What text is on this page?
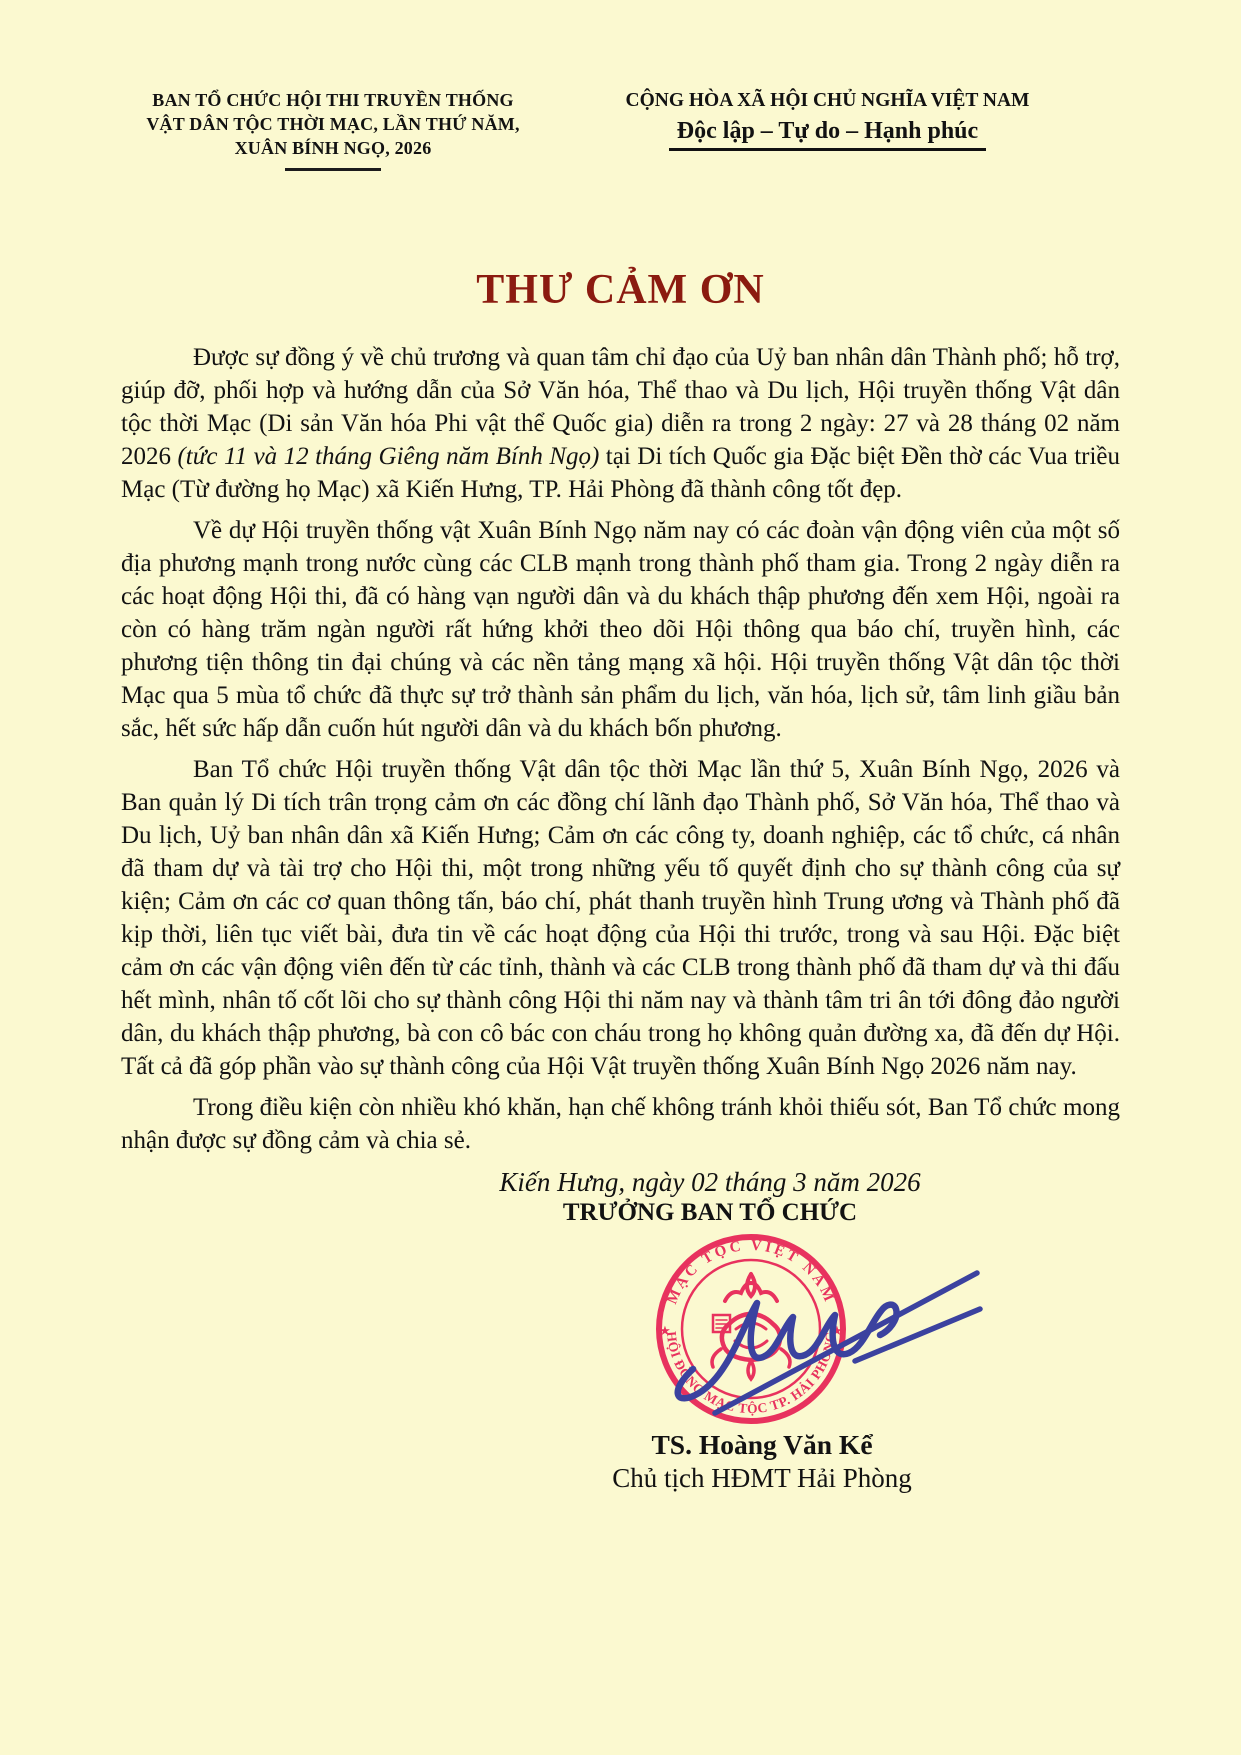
BAN TỔ CHỨC HỘI THI TRUYỀN THỐNG
VẬT DÂN TỘC THỜI MẠC, LẦN THỨ NĂM,
XUÂN BÍNH NGỌ, 2026
CỘNG HÒA XÃ HỘI CHỦ NGHĨA VIỆT NAM
Độc lập – Tự do – Hạnh phúc
THƯ CẢM ƠN

Được sự đồng ý về chủ trương và quan tâm chỉ đạo của Uỷ ban nhân dân Thành phố; hỗ trợ, giúp đỡ, phối hợp và hướng dẫn của Sở Văn hóa, Thể thao và Du lịch, Hội truyền thống Vật dân tộc thời Mạc (Di sản Văn hóa Phi vật thể Quốc gia) diễn ra trong 2 ngày: 27 và 28 tháng 02 năm 2026 (tức 11 và 12 tháng Giêng năm Bính Ngọ) tại Di tích Quốc gia Đặc biệt Đền thờ các Vua triều Mạc (Từ đường họ Mạc) xã Kiến Hưng, TP. Hải Phòng đã thành công tốt đẹp.

Về dự Hội truyền thống vật Xuân Bính Ngọ năm nay có các đoàn vận động viên của một số địa phương mạnh trong nước cùng các CLB mạnh trong thành phố tham gia. Trong 2 ngày diễn ra các hoạt động Hội thi, đã có hàng vạn người dân và du khách thập phương đến xem Hội, ngoài ra còn có hàng trăm ngàn người rất hứng khởi theo dõi Hội thông qua báo chí, truyền hình, các phương tiện thông tin đại chúng và các nền tảng mạng xã hội. Hội truyền thống Vật dân tộc thời Mạc qua 5 mùa tổ chức đã thực sự trở thành sản phẩm du lịch, văn hóa, lịch sử, tâm linh giầu bản sắc, hết sức hấp dẫn cuốn hút người dân và du khách bốn phương.

Ban Tổ chức Hội truyền thống Vật dân tộc thời Mạc lần thứ 5, Xuân Bính Ngọ, 2026 và Ban quản lý Di tích trân trọng cảm ơn các đồng chí lãnh đạo Thành phố, Sở Văn hóa, Thể thao và Du lịch, Uỷ ban nhân dân xã Kiến Hưng; Cảm ơn các công ty, doanh nghiệp, các tổ chức, cá nhân đã tham dự và tài trợ cho Hội thi, một trong những yếu tố quyết định cho sự thành công của sự kiện; Cảm ơn các cơ quan thông tấn, báo chí, phát thanh truyền hình Trung ương và Thành phố đã kịp thời, liên tục viết bài, đưa tin về các hoạt động của Hội thi trước, trong và sau Hội. Đặc biệt cảm ơn các vận động viên đến từ các tỉnh, thành và các CLB trong thành phố đã tham dự và thi đấu hết mình, nhân tố cốt lõi cho sự thành công Hội thi năm nay và thành tâm tri ân tới đông đảo người dân, du khách thập phương, bà con cô bác con cháu trong họ không quản đường xa, đã đến dự Hội. Tất cả đã góp phần vào sự thành công của Hội Vật truyền thống Xuân Bính Ngọ 2026 năm nay.

Trong điều kiện còn nhiều khó khăn, hạn chế không tránh khỏi thiếu sót, Ban Tổ chức mong nhận được sự đồng cảm và chia sẻ.

Kiến Hưng, ngày 02 tháng 3 năm 2026
TRƯỞNG BAN TỔ CHỨC
MẠC TỘC VIỆT NAM
HỘI ĐỒNG MẠC TỘC TP. HẢI PHÒNG
★	★
TS. Hoàng Văn Kể
Chủ tịch HĐMT Hải Phòng
